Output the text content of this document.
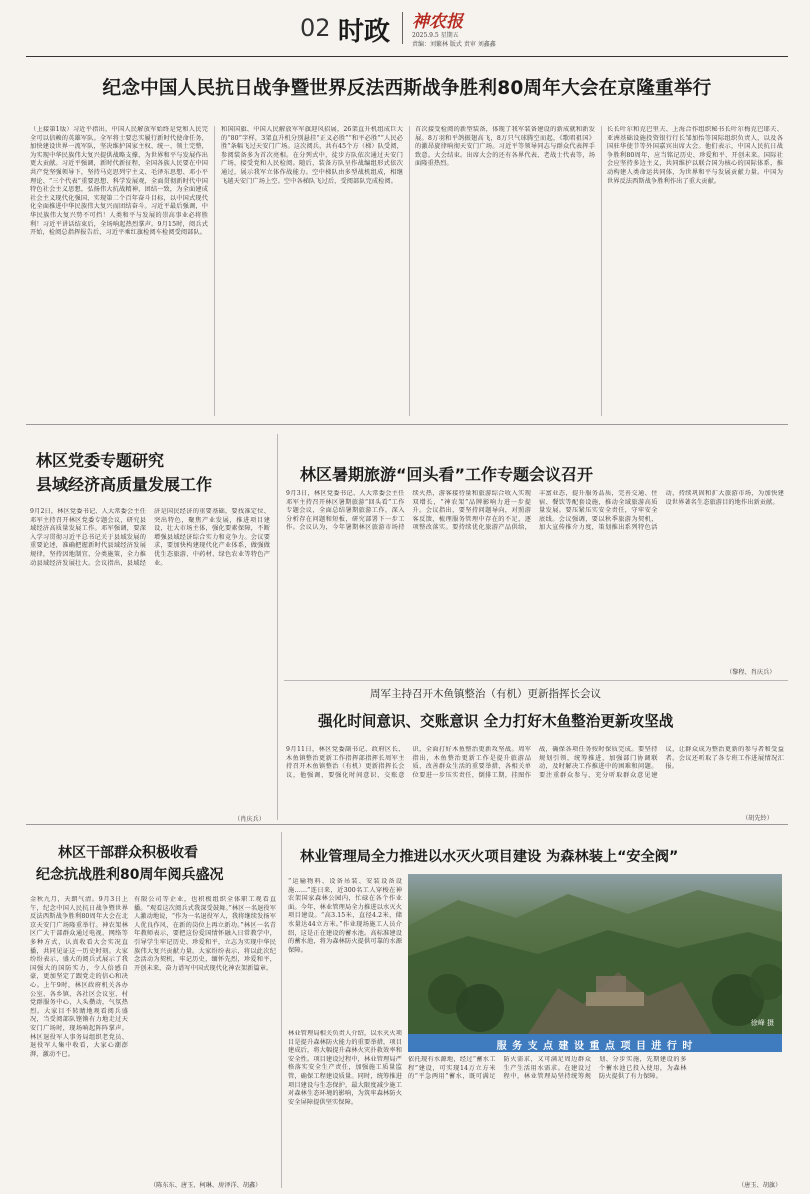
02 时政 神农报
2025.9.5 星期五
责编：刘繁林 版式 责审 刘鑫鑫
纪念中国人民抗日战争暨世界反法西斯战争胜利80周年大会在京隆重举行
（上接第1版）习近平指出，中国人民解放军始终是党和人民完全可以信赖的英雄军队。全军将士要忠实履行新时代使命任务，加快建设世界一流军队，坚决维护国家主权、统一、领土完整，为实现中华民族伟大复兴提供战略支撑，为世界和平与发展作出更大贡献。习近平强调，新时代新征程，全国各族人民要在中国共产党坚强领导下，坚持马克思列宁主义、毛泽东思想、邓小平理论、“三个代表”重要思想、科学发展观，全面贯彻新时代中国特色社会主义思想，弘扬伟大抗战精神，团结一致，为全面建成社会主义现代化强国、实现第二个百年奋斗目标，以中国式现代化全面推进中华民族伟大复兴而团结奋斗。习近平最后强调，中华民族伟大复兴势不可挡！人类和平与发展的崇高事业必将胜利！习近平讲话结束后，全场响起热烈掌声。9月15时，阅兵式开始，检阅总指挥报告后，习近平乘红旗检阅车检阅受阅部队。
和国国旗、中国人民解放军军旗迎风招展，26架直升机组成巨大的“80”字样，3架直升机分别悬挂“正义必胜”“和平必胜”“人民必胜”条幅飞过天安门广场。这次阅兵，共有45个方（梯）队受阅，参阅装备多为首次亮相。在分列式中，徒步方队依次通过天安门广场，接受党和人民检阅。随后，装备方队呈作战编组形式依次通过，展示我军立体作战能力。空中梯队由多型战机组成，相继飞越天安门广场上空。空中各梯队飞过后，受阅部队完成检阅。
首次接受检阅的新型装备，体现了我军装备建设的新成就和新发展。8万羽和平鸽振翅高飞，8万只气球腾空而起，《歌唱祖国》的激昂旋律响彻天安门广场。习近平等领导同志与群众代表挥手致意。大会结束。出席大会的还有各界代表、老战士代表等，场面隆重热烈。
长长叶尔和克巴里夫、上海合作组织秘书长叶尔梅克巴耶夫、亚洲基础设施投资银行行长邹加怡等国际组织负责人，以及各国驻华使节等外国嘉宾出席大会。他们表示，中国人民抗日战争胜利80周年，应当铭记历史、珍爱和平、开创未来。国际社会应坚持多边主义，共同维护以联合国为核心的国际体系，推动构建人类命运共同体，为世界和平与发展贡献力量。中国为世界反法西斯战争胜利作出了重大贡献。
林区党委专题研究
县域经济高质量发展工作
9月2日，林区党委书记、人大常委会主任邓军主持召开林区党委专题会议，研究县域经济高质量发展工作。邓军强调，要深入学习贯彻习近平总书记关于县域发展的重要论述，准确把握新时代县域经济发展规律，坚持因地制宜、分类施策，全力推动县域经济发展壮大。会议指出，县域经济是国民经济的重要基础，要找准定位、突出特色，聚焦产业发展，推进项目建设，壮大市场主体，强化要素保障，不断增强县域经济综合实力和竞争力。会议要求，要加快构建现代化产业体系，做强做优生态旅游、中药材、绿色农业等特色产业。
（肖庆兵）
林区暑期旅游“回头看”工作专题会议召开
9月3日，林区党委书记、人大常委会主任邓军主持召开林区暑期旅游“回头看”工作专题会议，全面总结暑期旅游工作，深入分析存在问题和短板，研究部署下一步工作。会议认为，今年暑期林区旅游市场持续火热，游客接待量和旅游综合收入实现双增长，“神农架”品牌影响力进一步提升。会议指出，要坚持问题导向，对照游客反馈，梳理服务管理中存在的不足，逐项整改落实。要持续优化旅游产品供给，丰富业态，提升服务品质，完善交通、住宿、餐饮等配套设施，推动全域旅游高质量发展。要压紧压实安全责任，守牢安全底线。会议强调，要以秋季旅游为契机，加大宣传推介力度，策划推出系列特色活动，持续巩固和扩大旅游市场，为加快建设世界著名生态旅游目的地作出新贡献。
（黎程、肖庆兵）
周军主持召开木鱼镇整治（有机）更新指挥长会议
强化时间意识、交账意识 全力打好木鱼整治更新攻坚战
9月11日，林区党委副书记、政府区长、木鱼镇整治更新工作指挥部指挥长周军主持召开木鱼镇整治（有机）更新指挥长会议，他强调，要强化时间意识、交账意识，全面打好木鱼整治更新攻坚战。周军指出，木鱼整治更新工作是提升旅游品质、改善群众生活的重要举措，各相关单位要进一步压实责任，倒排工期，挂图作战，确保各项任务按时保质完成。要坚持规划引领，统筹推进，加强部门协调联动，及时解决工作推进中的困难和问题。要注重群众参与，充分听取群众意见建议，让群众成为整治更新的参与者和受益者。会议还听取了各专班工作进展情况汇报。
（胡先铃）
林区干部群众积极收看
纪念抗战胜利80周年阅兵盛况
金秋九月，天朗气清。9月3日上午，纪念中国人民抗日战争暨世界反法西斯战争胜利80周年大会在北京天安门广场隆重举行。神农架林区广大干部群众通过电视、网络等多种方式，认真收看大会实况直播，共同见证这一历史时刻。大家纷纷表示，盛大的阅兵式展示了我国强大的国防实力，令人倍感自豪，更加坚定了跟党走的信心和决心。上午9时，林区政府机关各办公室、各乡镇、各社区会议室、村党群服务中心，人头攒动，气氛热烈。大家目不转睛地观看阅兵盛况，当受阅部队铿锵有力地走过天安门广场时，现场响起阵阵掌声。林区退役军人事务局组织老党员、退役军人集中收看，大家心潮澎湃，激动不已。
有限公司等企业，也积极组织全体职工观看直播。“观看这次阅兵式我深受鼓舞。”林区一名退役军人激动地说，“作为一名退役军人，我将继续发扬军人优良作风，在新的岗位上再立新功。”林区一名青年教师表示，要把这份爱国情怀融入日常教学中，引导学生牢记历史、珍爱和平，立志为实现中华民族伟大复兴贡献力量。大家纷纷表示，将以此次纪念活动为契机，牢记历史，缅怀先烈，珍爱和平，开创未来，奋力谱写中国式现代化神农架新篇章。
（陈东东、唐玉、柯琳、房泽洋、胡鑫）
林业管理局全力推进以水灭火项目建设 为森林装上“安全阀”
“运输物料、设备吊装、安装设备设施……”连日来，近300名工人穿梭在神农架国家森林公园内，忙碌在各个作业面。今年，林业管理局全力推进以水灭火项目建设。“高3.15米，直径4.2米，储水量达44立方米。”作业现场施工人员介绍，这是正在建设的蓄水池。高标准建设的蓄水池，将为森林防火提供可靠的水源保障。
林业管理局相关负责人介绍，以水灭火项目是提升森林防火能力的重要举措，项目建成后，将大幅提升森林火灾扑救效率和安全性。项目建设过程中，林业管理局严格落实安全生产责任，加强施工质量监管，确保工程建设质量。同时，统筹推进项目建设与生态保护，最大限度减少施工对森林生态环境的影响，为筑牢森林防火安全屏障提供坚实保障。
徐峰 摄
服 务 支 点 建 设 重 点 项 目 进 行 时
依托现有水源地，经过“蓄水工程”建设，可实现14万立方米的“平急两用”蓄水，既可满足防火需求，又可满足周边群众生产生活用水需求。在建设过程中，林业管理局坚持统筹规划、分步实施，先期建设的多个蓄水池已投入使用，为森林防火提供了有力保障。
（唐玉、胡旗）
